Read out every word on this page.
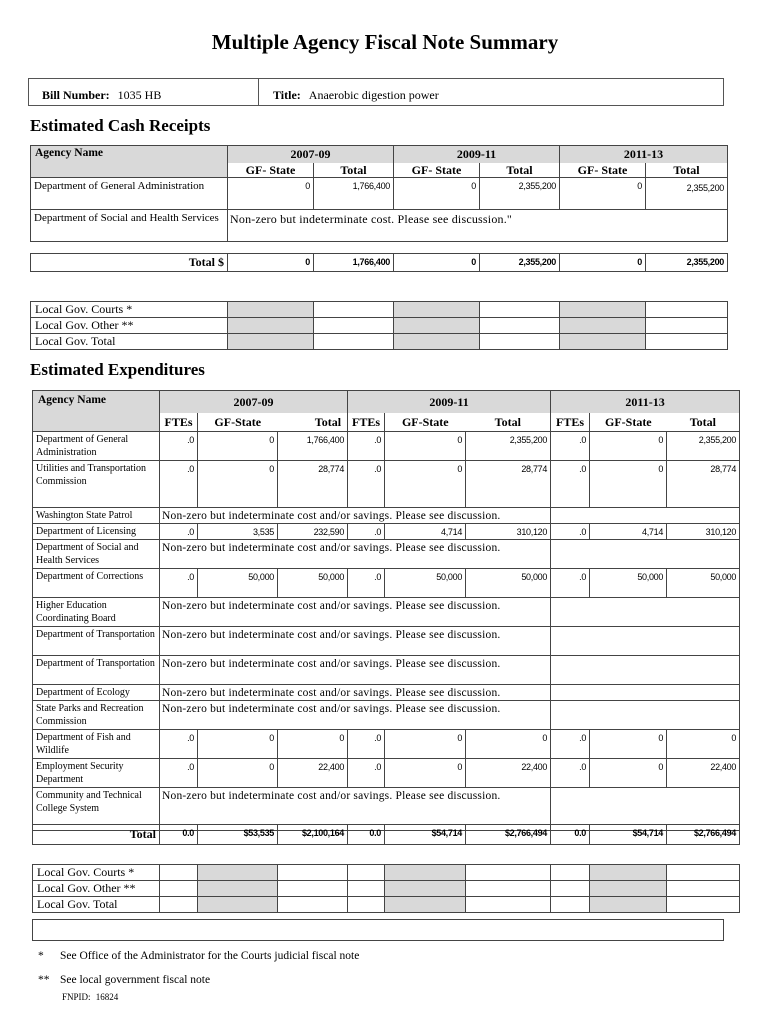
Multiple Agency Fiscal Note Summary
Bill Number: 1035 HB	Title: Anaerobic digestion power
Estimated Cash Receipts
Agency Name	2007-09		2009-11		2011-13	
	GF- State	Total	GF- State	Total	GF- State	Total
Department of General Administration	0	1,766,400	0	2,355,200	0	2,355,200
Department of Social and Health Services	Non-zero but indeterminate cost. Please see discussion."					
Total $	0	1,766,400	0	2,355,200	0	2,355,200
Local Gov. Courts *						
Local Gov. Other **						
Local Gov. Total						
Estimated Expenditures
Agency Name	2007-09			2009-11			2011-13		
	FTEs	GF-State	Total	FTEs	GF-State	Total	FTEs	GF-State	Total
Department of General Administration	.0	0	1,766,400	.0	0	2,355,200	.0	0	2,355,200
Utilities and Transportation Commission	.0	0	28,774	.0	0	28,774	.0	0	28,774
Washington State Patrol	Non-zero but indeterminate cost and/or savings. Please see discussion.								
Department of Licensing	.0	3,535	232,590	.0	4,714	310,120	.0	4,714	310,120
Department of Social and Health Services	Non-zero but indeterminate cost and/or savings. Please see discussion.								
Department of Corrections	.0	50,000	50,000	.0	50,000	50,000	.0	50,000	50,000
Higher Education Coordinating Board	Non-zero but indeterminate cost and/or savings. Please see discussion.								
Department of Transportation	Non-zero but indeterminate cost and/or savings. Please see discussion.								
Department of Transportation	Non-zero but indeterminate cost and/or savings. Please see discussion.								
Department of Ecology	Non-zero but indeterminate cost and/or savings. Please see discussion.								
State Parks and Recreation Commission	Non-zero but indeterminate cost and/or savings. Please see discussion.								
Department of Fish and Wildlife	.0	0	0	.0	0	0	.0	0	0
Employment Security Department	.0	0	22,400	.0	0	22,400	.0	0	22,400
Community and Technical College System	Non-zero but indeterminate cost and/or savings. Please see discussion.								
Total	0.0	$53,535	$2,100,164	0.0	$54,714	$2,766,494	0.0	$54,714	$2,766,494
Local Gov. Courts *									
Local Gov. Other **									
Local Gov. Total									
* See Office of the Administrator for the Courts judicial fiscal note
** See local government fiscal note
FNPID: 16824
